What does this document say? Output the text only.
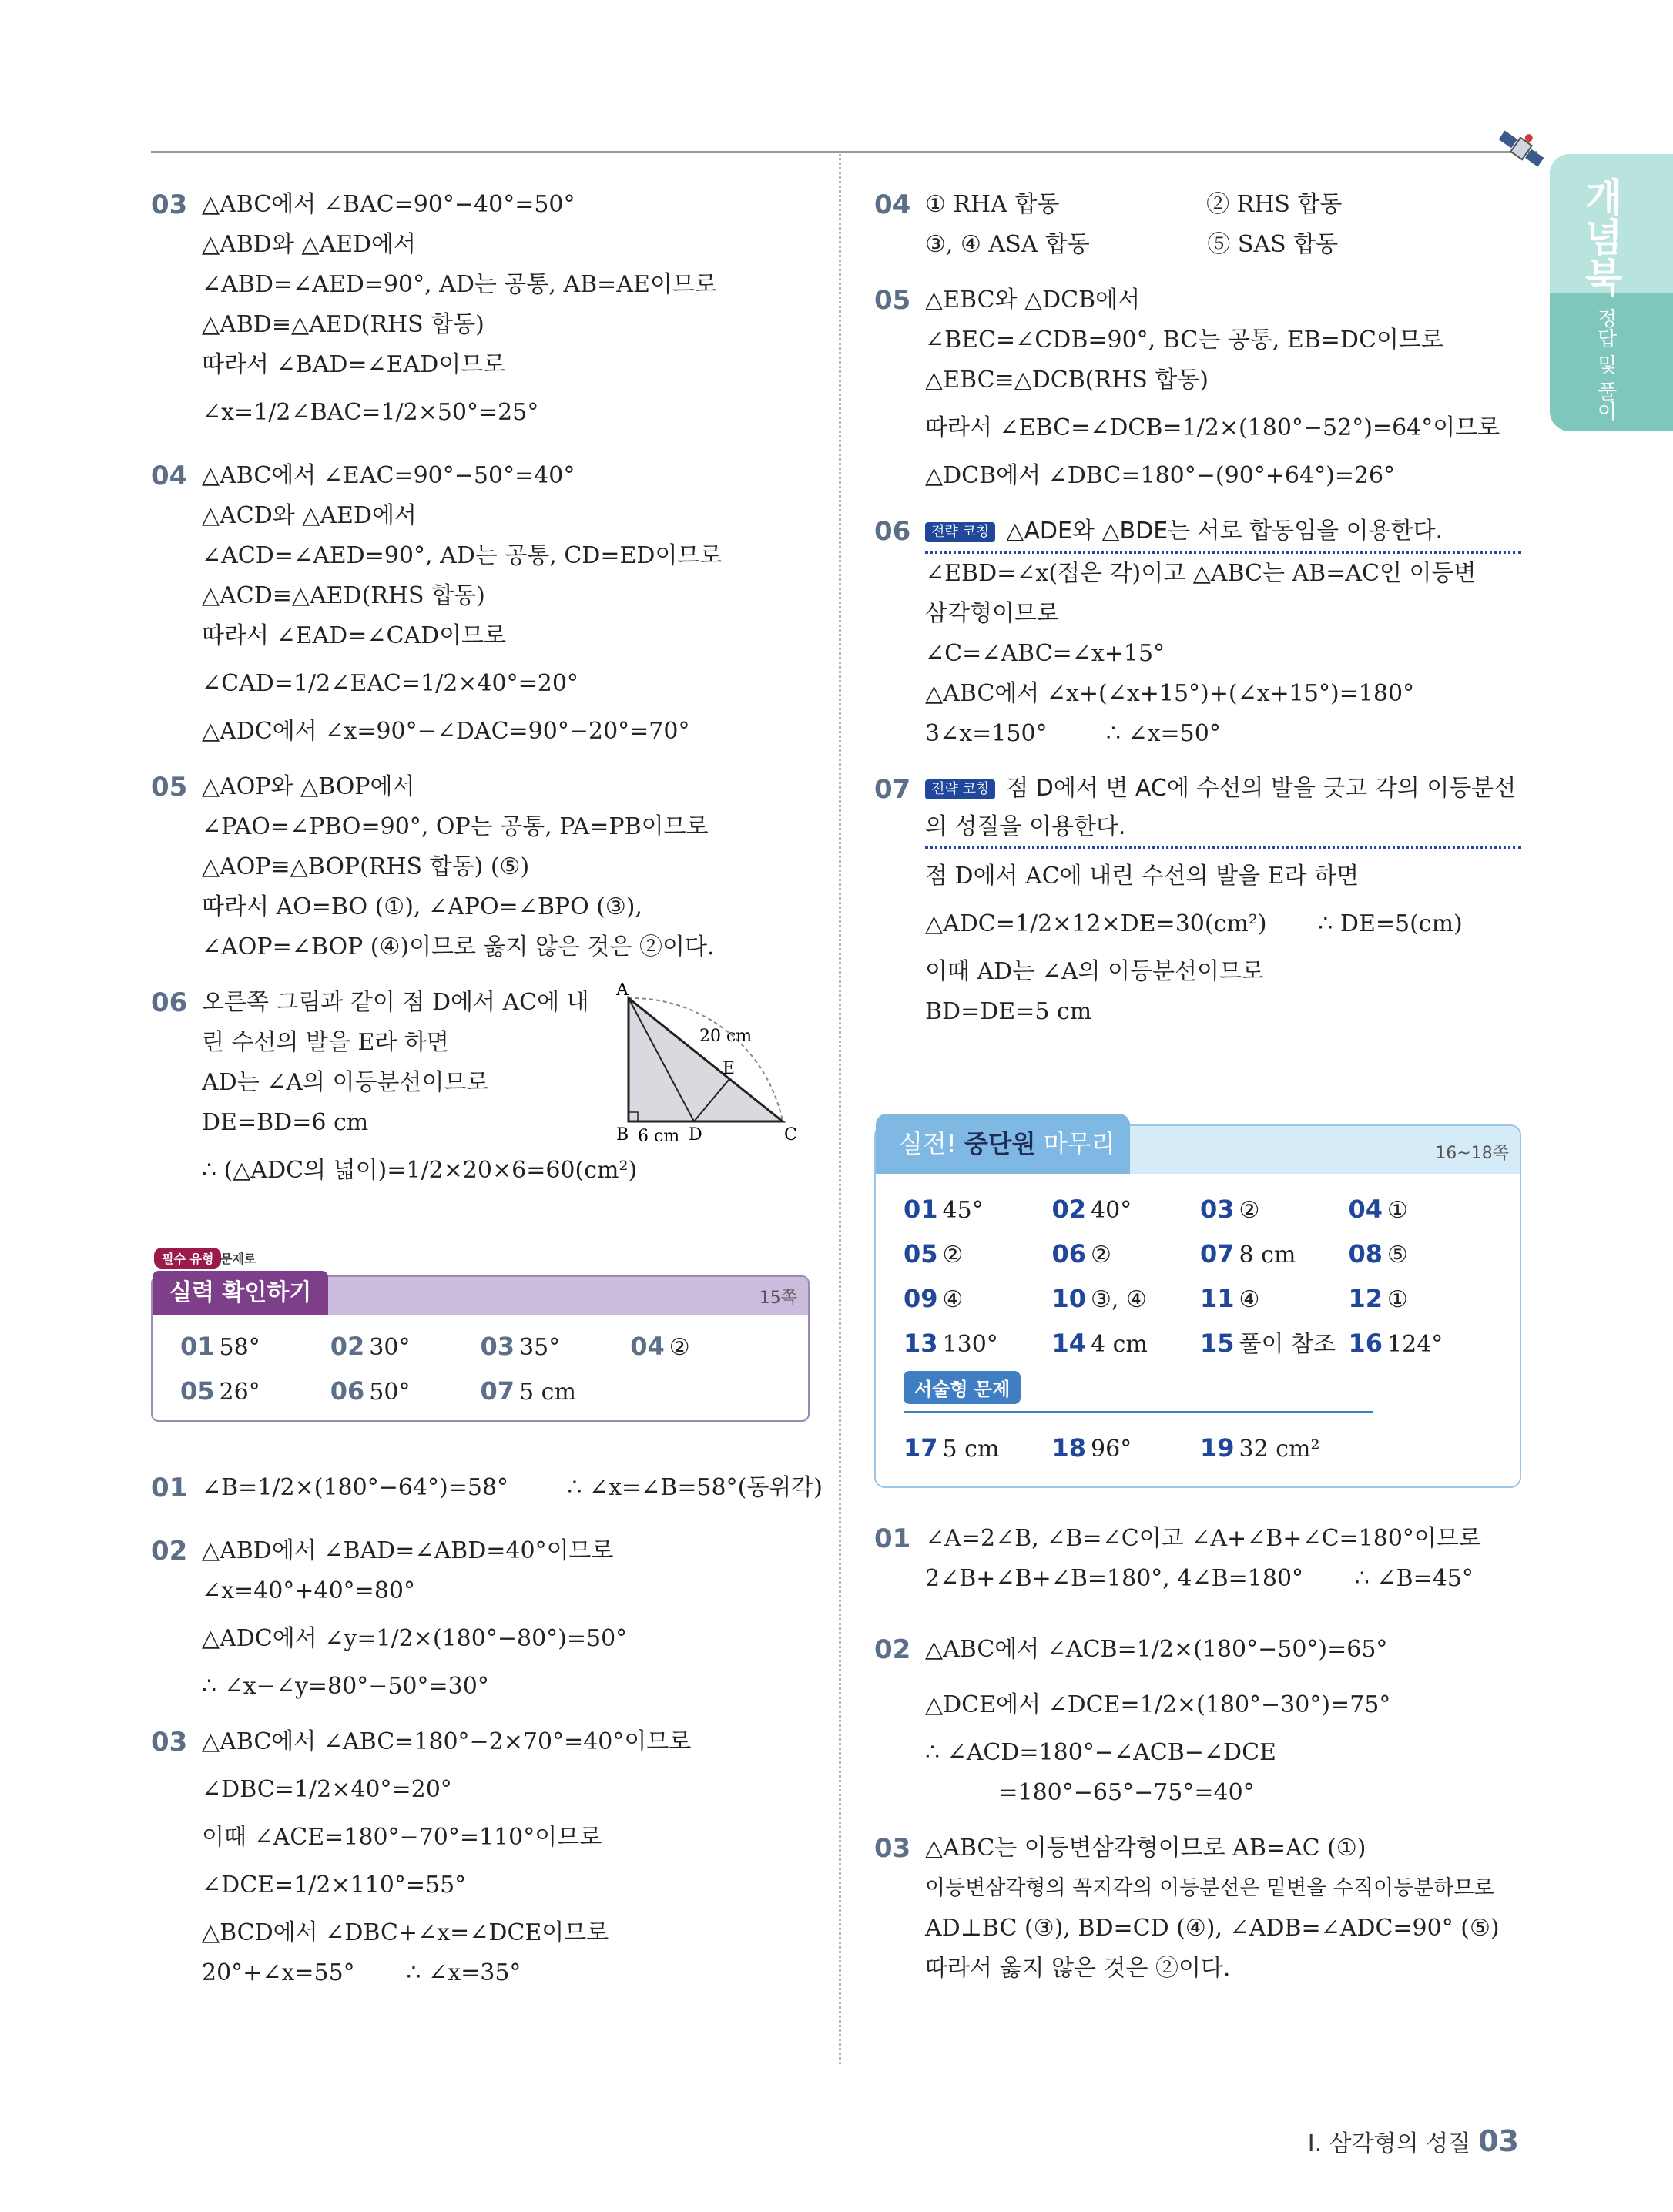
개념북
정답 및 풀이
03 △ABC에서 ∠BAC=90°−40°=50°
△ABD와 △AED에서
∠ABD=∠AED=90°, AD는 공통, AB=AE이므로
△ABD≡△AED(RHS 합동)
따라서 ∠BAD=∠EAD이므로
∠x=1/2∠BAC=1/2×50°=25°
04 △ABC에서 ∠EAC=90°−50°=40°
△ACD와 △AED에서
∠ACD=∠AED=90°, AD는 공통, CD=ED이므로
△ACD≡△AED(RHS 합동)
따라서 ∠EAD=∠CAD이므로
∠CAD=1/2∠EAC=1/2×40°=20°
△ADC에서 ∠x=90°−∠DAC=90°−20°=70°
05 △AOP와 △BOP에서
∠PAO=∠PBO=90°, OP는 공통, PA=PB이므로
△AOP≡△BOP(RHS 합동) (⑤)
따라서 AO=BO (①), ∠APO=∠BPO (③),
∠AOP=∠BOP (④)이므로 옳지 않은 것은 ②이다.
06 오른쪽 그림과 같이 점 D에서 AC에 내
린 수선의 발을 E라 하면
AD는 ∠A의 이등분선이므로
DE=BD=6 cm
∴ (△ADC의 넓이)=1/2×20×6=60(cm²)
A
B	C
D
E
20 cm
6 cm
필수 유형 문제로
실력 확인하기	15쪽
01 58°	02 30°	03 35°	04 ②
05 26°	06 50°	07 5 cm
01 ∠B=1/2×(180°−64°)=58°        ∴ ∠x=∠B=58°(동위각)
02 △ABD에서 ∠BAD=∠ABD=40°이므로
∠x=40°+40°=80°
△ADC에서 ∠y=1/2×(180°−80°)=50°
∴ ∠x−∠y=80°−50°=30°
03 △ABC에서 ∠ABC=180°−2×70°=40°이므로
∠DBC=1/2×40°=20°
이때 ∠ACE=180°−70°=110°이므로
∠DCE=1/2×110°=55°
△BCD에서 ∠DBC+∠x=∠DCE이므로
20°+∠x=55°       ∴ ∠x=35°
04 ① RHA 합동                    ② RHS 합동
③, ④ ASA 합동                ⑤ SAS 합동
05 △EBC와 △DCB에서
∠BEC=∠CDB=90°, BC는 공통, EB=DC이므로
△EBC≡△DCB(RHS 합동)
따라서 ∠EBC=∠DCB=1/2×(180°−52°)=64°이므로
△DCB에서 ∠DBC=180°−(90°+64°)=26°
06	전략 코칭 △ADE와 △BDE는 서로 합동임을 이용한다.
∠EBD=∠x(접은 각)이고 △ABC는 AB=AC인 이등변
삼각형이므로
∠C=∠ABC=∠x+15°
△ABC에서 ∠x+(∠x+15°)+(∠x+15°)=180°
3∠x=150°        ∴ ∠x=50°
07	전략 코칭 점 D에서 변 AC에 수선의 발을 긋고 각의 이등분선의 성질을 이용한다.
점 D에서 AC에 내린 수선의 발을 E라 하면
△ADC=1/2×12×DE=30(cm²)       ∴ DE=5(cm)
이때 AD는 ∠A의 이등분선이므로
BD=DE=5 cm
실전! 중단원 마무리	16~18쪽
01 45°	02 40°	03 ②	04 ①
05 ②	06 ②	07 8 cm	08 ⑤
09 ④	10 ③, ④	11 ④	12 ①
13 130°	14 4 cm	15 풀이 참조 16 124°
서술형 문제
17 5 cm	18 96°	19 32 cm²
01 ∠A=2∠B, ∠B=∠C이고 ∠A+∠B+∠C=180°이므로
2∠B+∠B+∠B=180°, 4∠B=180°       ∴ ∠B=45°
02 △ABC에서 ∠ACB=1/2×(180°−50°)=65°
△DCE에서 ∠DCE=1/2×(180°−30°)=75°
∴ ∠ACD=180°−∠ACB−∠DCE
=180°−65°−75°=40°
03 △ABC는 이등변삼각형이므로 AB=AC (①)
이등변삼각형의 꼭지각의 이등분선은 밑변을 수직이등분하므로
AD⊥BC (③), BD=CD (④), ∠ADB=∠ADC=90° (⑤)
따라서 옳지 않은 것은 ②이다.
Ⅰ. 삼각형의 성질 03
